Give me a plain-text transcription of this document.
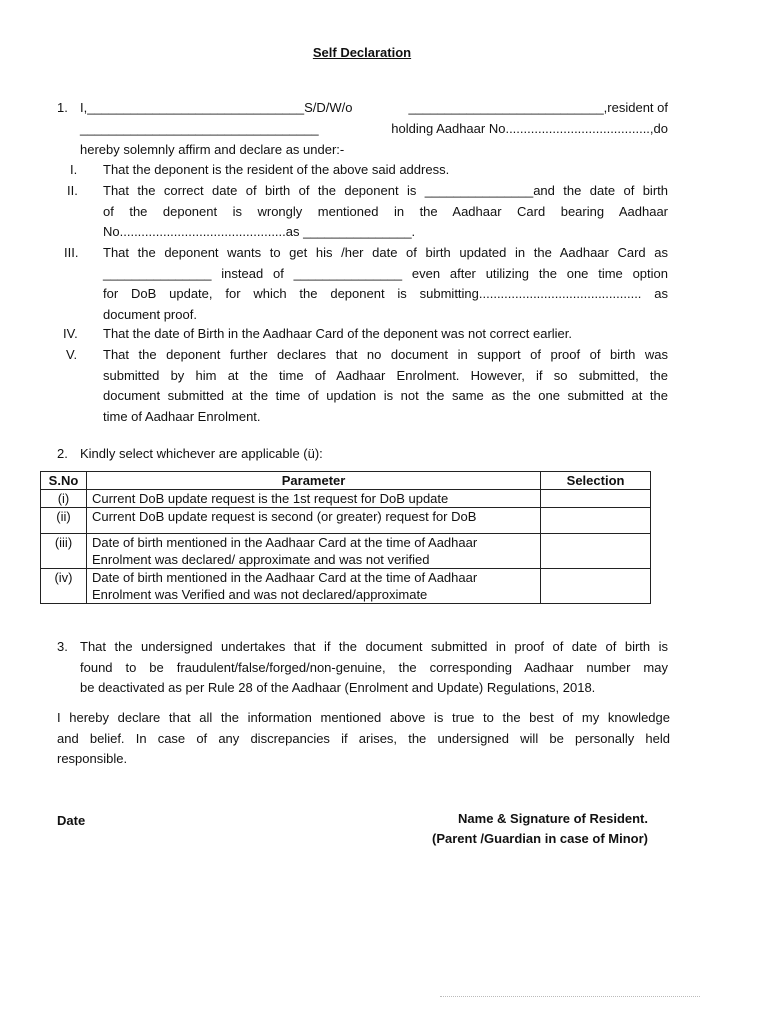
Self Declaration
1. I,______________________________S/D/W/o	___________________________,resident of
_________________________________	holding Aadhaar No........................................,do
hereby solemnly affirm and declare as under:-
I.	That the deponent is the resident of the above said address.
II.	That the correct date of birth of the deponent is _______________and the date of birth
of the deponent is wrongly mentioned in the Aadhaar Card bearing Aadhaar
No..............................................as _______________.
III.	That the deponent wants to get his /her date of birth updated in the Aadhaar Card as
_______________ instead of _______________ even after utilizing the one time option
for DoB update, for which the deponent is submitting............................................. as
document proof.
IV.	That the date of Birth in the Aadhaar Card of the deponent was not correct earlier.
V.	That the deponent further declares that no document in support of proof of birth was
submitted by him at the time of Aadhaar Enrolment. However, if so submitted, the
document submitted at the time of updation is not the same as the one submitted at the
time of Aadhaar Enrolment.
2. Kindly select whichever are applicable (ü):
S.No	Parameter	Selection
(i)	Current DoB update request is the 1st request for DoB update	

(ii)	Current DoB update request is second (or greater) request for DoB	

(iii)	Date of birth mentioned in the Aadhaar Card at the time of Aadhaar
Enrolment was declared/ approximate and was not verified	

(iv)	Date of birth mentioned in the Aadhaar Card at the time of Aadhaar
Enrolment was Verified and was not declared/approximate	

3. That the undersigned undertakes that if the document submitted in proof of date of birth is
found to be fraudulent/false/forged/non-genuine, the corresponding Aadhaar number may
be deactivated as per Rule 28 of the Aadhaar (Enrolment and Update) Regulations, 2018.
I hereby declare that all the information mentioned above is true to the best of my knowledge
and belief. In case of any discrepancies if arises, the undersigned will be personally held
responsible.
Date	Name & Signature of Resident.
(Parent /Guardian in case of Minor)
